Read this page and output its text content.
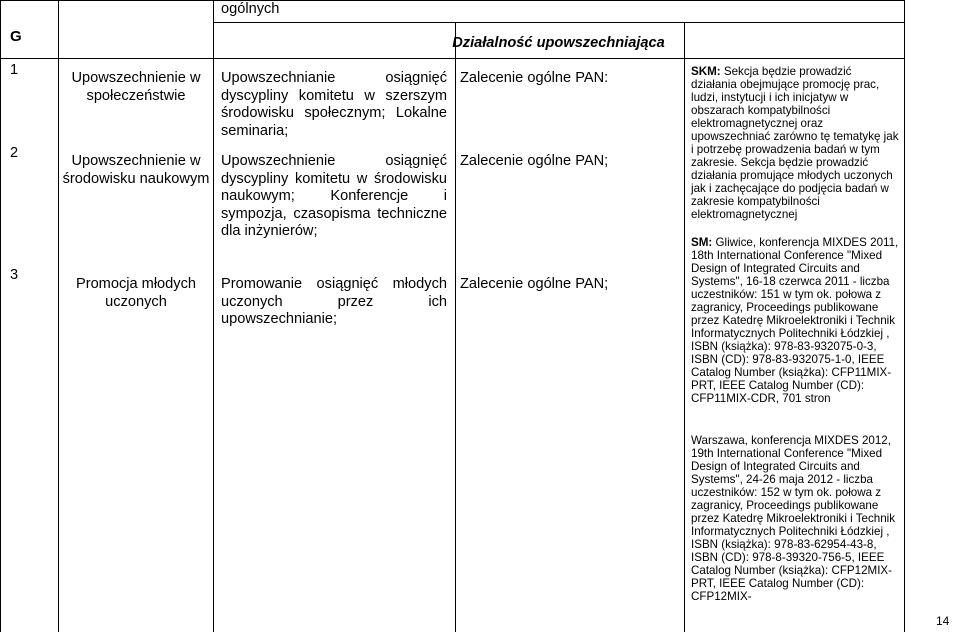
G
ogólnych
Działalność upowszechniająca
1
2
3
Upowszechnienie w społeczeństwie
Upowszechnienie w środowisku naukowym
Promocja młodych uczonych
Upowszechnianie osiągnięć dyscypliny komitetu w szerszym środowisku społecznym; Lokalne seminaria;
Upowszechnienie osiągnięć dyscypliny komitetu w środowisku naukowym; Konferencje i sympozja, czasopisma techniczne dla inżynierów;
Promowanie osiągnięć młodych uczonych przez ich upowszechnianie;
Zalecenie ogólne PAN:
Zalecenie ogólne PAN;
Zalecenie ogólne PAN;
SKM: Sekcja będzie prowadzić działania obejmujące promocję prac, ludzi, instytucji i ich inicjatyw w obszarach kompatybilności elektromagnetycznej oraz upowszechniać zarówno tę tematykę jak i potrzebę prowadzenia badań w tym zakresie. Sekcja będzie prowadzić działania promujące młodych uczonych jak i zachęcające do podjęcia badań w zakresie kompatybilności elektromagnetycznej
SM: Gliwice, konferencja MIXDES 2011, 18th International Conference "Mixed Design of Integrated Circuits and Systems", 16-18 czerwca 2011 - liczba uczestników: 151 w tym ok. połowa z zagranicy, Proceedings publikowane przez Katedrę Mikroelektroniki i Technik Informatycznych Politechniki Łódzkiej , ISBN (książka): 978-83-932075-0-3, ISBN (CD): 978-83-932075-1-0, IEEE Catalog Number (książka): CFP11MIX-PRT, IEEE Catalog Number (CD): CFP11MIX-CDR, 701 stron
Warszawa, konferencja MIXDES 2012, 19th International Conference "Mixed Design of Integrated Circuits and Systems", 24-26 maja 2012 - liczba uczestników: 152 w tym ok. połowa z zagranicy, Proceedings publikowane przez Katedrę Mikroelektroniki i Technik Informatycznych Politechniki Łódzkiej , ISBN (książka): 978-83-62954-43-8, ISBN (CD): 978-8-39320-756-5, IEEE Catalog Number (książka): CFP12MIX-PRT, IEEE Catalog Number (CD): CFP12MIX-
14
